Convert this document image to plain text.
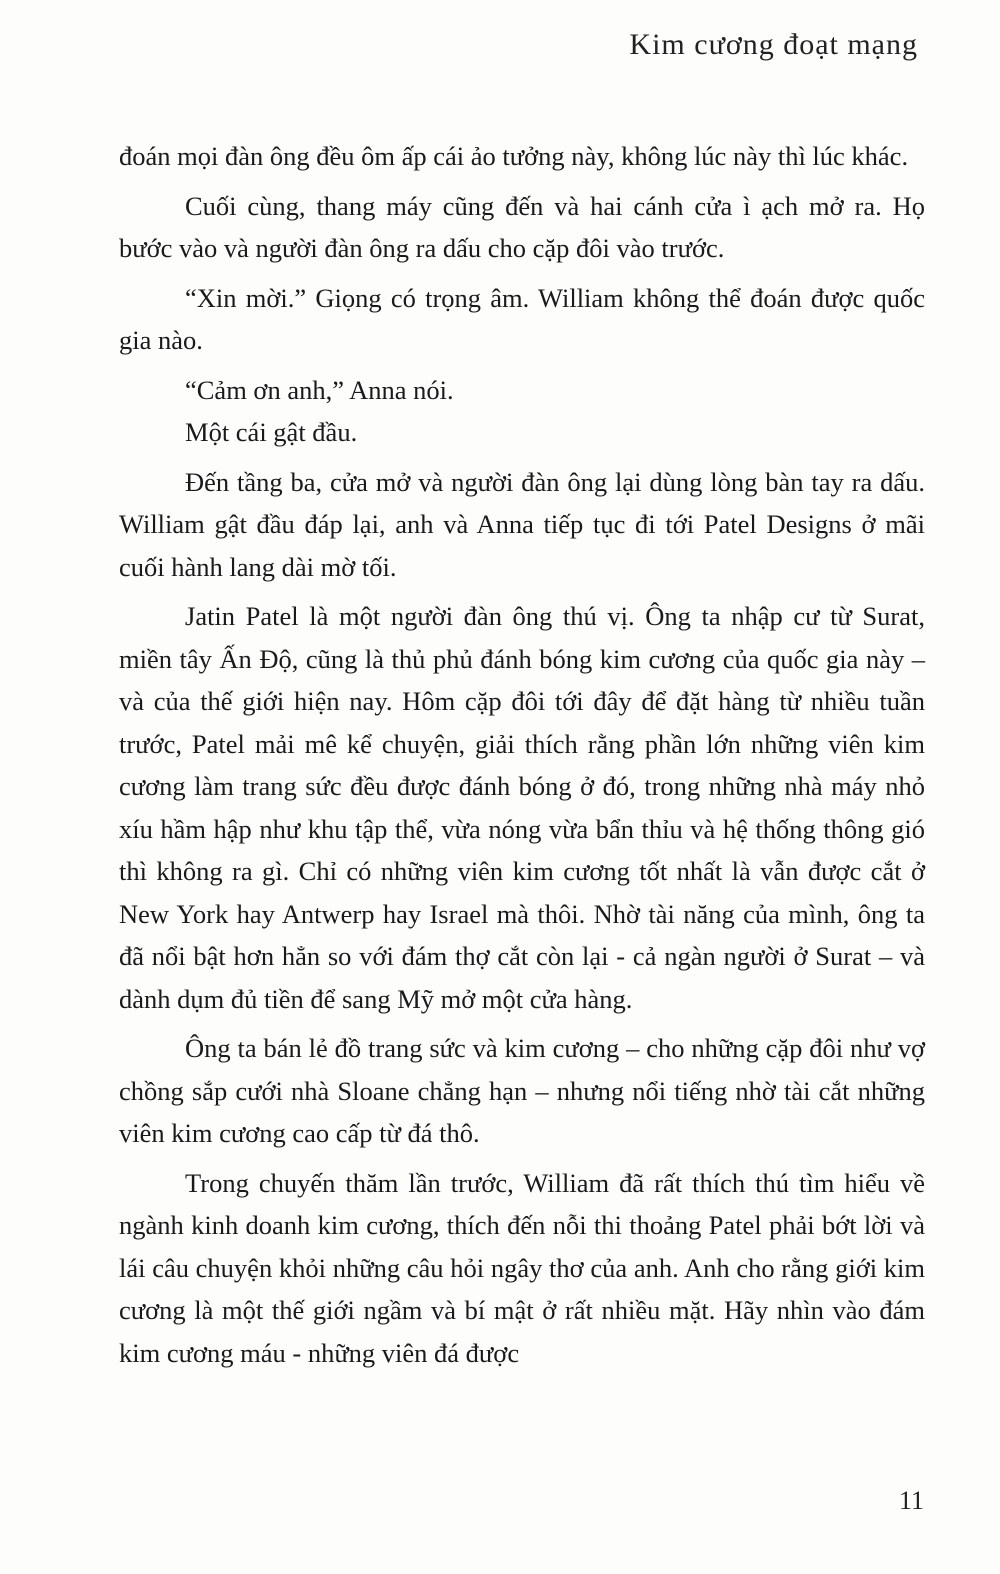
Kim cương đoạt mạng

đoán mọi đàn ông đều ôm ấp cái ảo tưởng này, không lúc này thì lúc khác.

Cuối cùng, thang máy cũng đến và hai cánh cửa ì ạch mở ra. Họ bước vào và người đàn ông ra dấu cho cặp đôi vào trước.

“Xin mời.” Giọng có trọng âm. William không thể đoán được quốc gia nào.

“Cảm ơn anh,” Anna nói.

Một cái gật đầu.

Đến tầng ba, cửa mở và người đàn ông lại dùng lòng bàn tay ra dấu. William gật đầu đáp lại, anh và Anna tiếp tục đi tới Patel Designs ở mãi cuối hành lang dài mờ tối.

Jatin Patel là một người đàn ông thú vị. Ông ta nhập cư từ Surat, miền tây Ấn Độ, cũng là thủ phủ đánh bóng kim cương của quốc gia này – và của thế giới hiện nay. Hôm cặp đôi tới đây để đặt hàng từ nhiều tuần trước, Patel mải mê kể chuyện, giải thích rằng phần lớn những viên kim cương làm trang sức đều được đánh bóng ở đó, trong những nhà máy nhỏ xíu hầm hập như khu tập thể, vừa nóng vừa bẩn thỉu và hệ thống thông gió thì không ra gì. Chỉ có những viên kim cương tốt nhất là vẫn được cắt ở New York hay Antwerp hay Israel mà thôi. Nhờ tài năng của mình, ông ta đã nổi bật hơn hẳn so với đám thợ cắt còn lại - cả ngàn người ở Surat – và dành dụm đủ tiền để sang Mỹ mở một cửa hàng.

Ông ta bán lẻ đồ trang sức và kim cương – cho những cặp đôi như vợ chồng sắp cưới nhà Sloane chẳng hạn – nhưng nổi tiếng nhờ tài cắt những viên kim cương cao cấp từ đá thô.

Trong chuyến thăm lần trước, William đã rất thích thú tìm hiểu về ngành kinh doanh kim cương, thích đến nỗi thi thoảng Patel phải bớt lời và lái câu chuyện khỏi những câu hỏi ngây thơ của anh. Anh cho rằng giới kim cương là một thế giới ngầm và bí mật ở rất nhiều mặt. Hãy nhìn vào đám kim cương máu - những viên đá được

11
